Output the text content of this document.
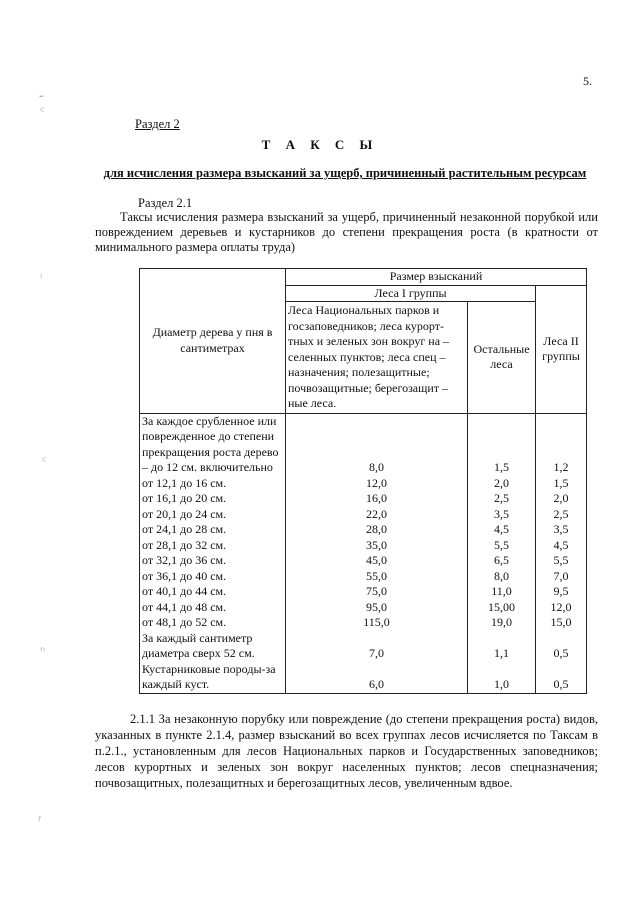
5.
⁃
ᶜ
ⁱ
ᶜ
ⁿ
ᶠ
Раздел 2
Т А К С Ы
для исчисления размера взысканий за ущерб, причиненный растительным ресурсам
Раздел 2.1
Таксы исчисления размера взысканий за ущерб, причиненный незаконной порубкой или повреждением деревьев и кустарников до степени прекращения роста (в кратности от минимального размера оплаты труда)
Диаметр дерева у пня в сантиметрах	Размер взысканий		
	Леса I группы		Леса II группы
	Леса Национальных парков и госзаповедников; леса курорт-тных и зеленых зон вокруг на – селенных пунктов; леса спец – назначения; полезащитные; почвозащитные; берегозащит – ные леса.	Остальные леса	
За каждое срубленное или поврежденное до степени прекращения роста дерево – до 12 см. включительно	8,0	1,5	1,2
от 12,1 до 16 см.	12,0	2,0	1,5
от 16,1 до 20 см.	16,0	2,5	2,0
от 20,1 до 24 см.	22,0	3,5	2,5
от 24,1 до 28 см.	28,0	4,5	3,5
от 28,1 до 32 см.	35,0	5,5	4,5
от 32,1 до 36 см.	45,0	6,5	5,5
от 36,1 до 40 см.	55,0	8,0	7,0
от 40,1 до 44 см.	75,0	11,0	9,5
от 44,1 до 48 см.	95,0	15,00	12,0
от 48,1 до 52 см.	115,0	19,0	15,0
За каждый сантиметр диаметра сверх 52 см.	7,0	1,1	0,5
Кустарниковые породы-за каждый куст.	6,0	1,0	0,5
2.1.1 За незаконную порубку или повреждение (до степени прекращения роста) видов, указанных в пункте 2.1.4, размер взысканий во всех группах лесов исчисляется по Таксам в п.2.1., установленным для лесов Национальных парков и Государственных заповедников; лесов курортных и зеленых зон вокруг населенных пунктов; лесов спецназначения; почвозащитных, полезащитных и берегозащитных лесов, увеличенным вдвое.
